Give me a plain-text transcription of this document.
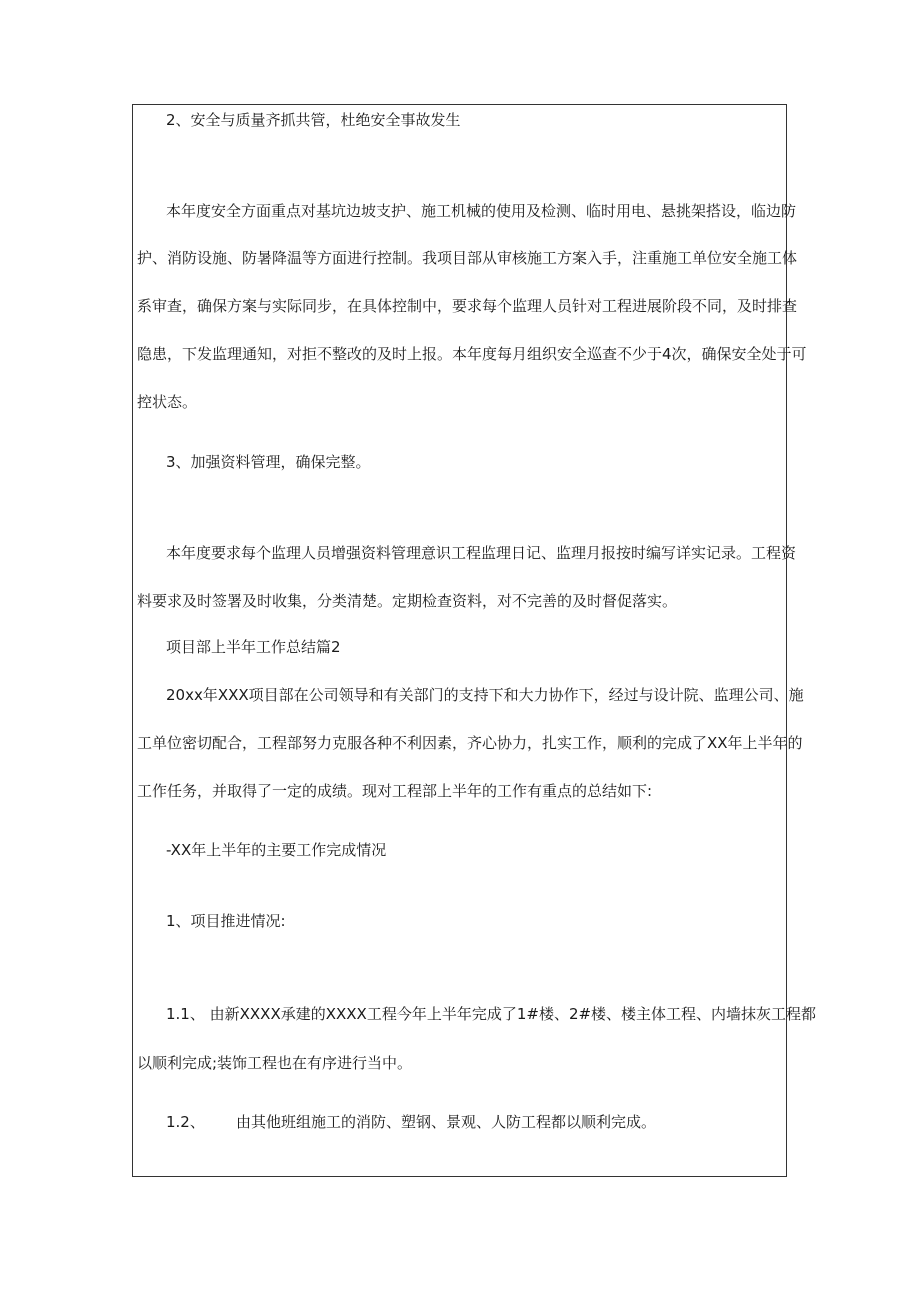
2、安全与质量齐抓共管，杜绝安全事故发生
本年度安全方面重点对基坑边坡支护、施工机械的使用及检测、临时用电、悬挑架搭设，临边防
护、消防设施、防暑降温等方面进行控制。我项目部从审核施工方案入手，注重施工单位安全施工体
系审查，确保方案与实际同步，在具体控制中，要求每个监理人员针对工程进展阶段不同，及时排查
隐患，下发监理通知，对拒不整改的及时上报。本年度每月组织安全巡查不少于4次，确保安全处于可
控状态。
3、加强资料管理，确保完整。
本年度要求每个监理人员增强资料管理意识工程监理日记、监理月报按时编写详实记录。工程资
料要求及时签署及时收集，分类清楚。定期检查资料，对不完善的及时督促落实。
项目部上半年工作总结篇2
20xx年XXX项目部在公司领导和有关部门的支持下和大力协作下，经过与设计院、监理公司、施
工单位密切配合，工程部努力克服各种不利因素，齐心协力，扎实工作，顺利的完成了XX年上半年的
工作任务，并取得了一定的成绩。现对工程部上半年的工作有重点的总结如下:
-XX年上半年的主要工作完成情况
1、项目推进情况:
1.1、 由新XXXX承建的XXXX工程今年上半年完成了1#楼、2#楼、楼主体工程、内墙抹灰工程都
以顺利完成;装饰工程也在有序进行当中。
1.2、 由其他班组施工的消防、塑钢、景观、人防工程都以顺利完成。
